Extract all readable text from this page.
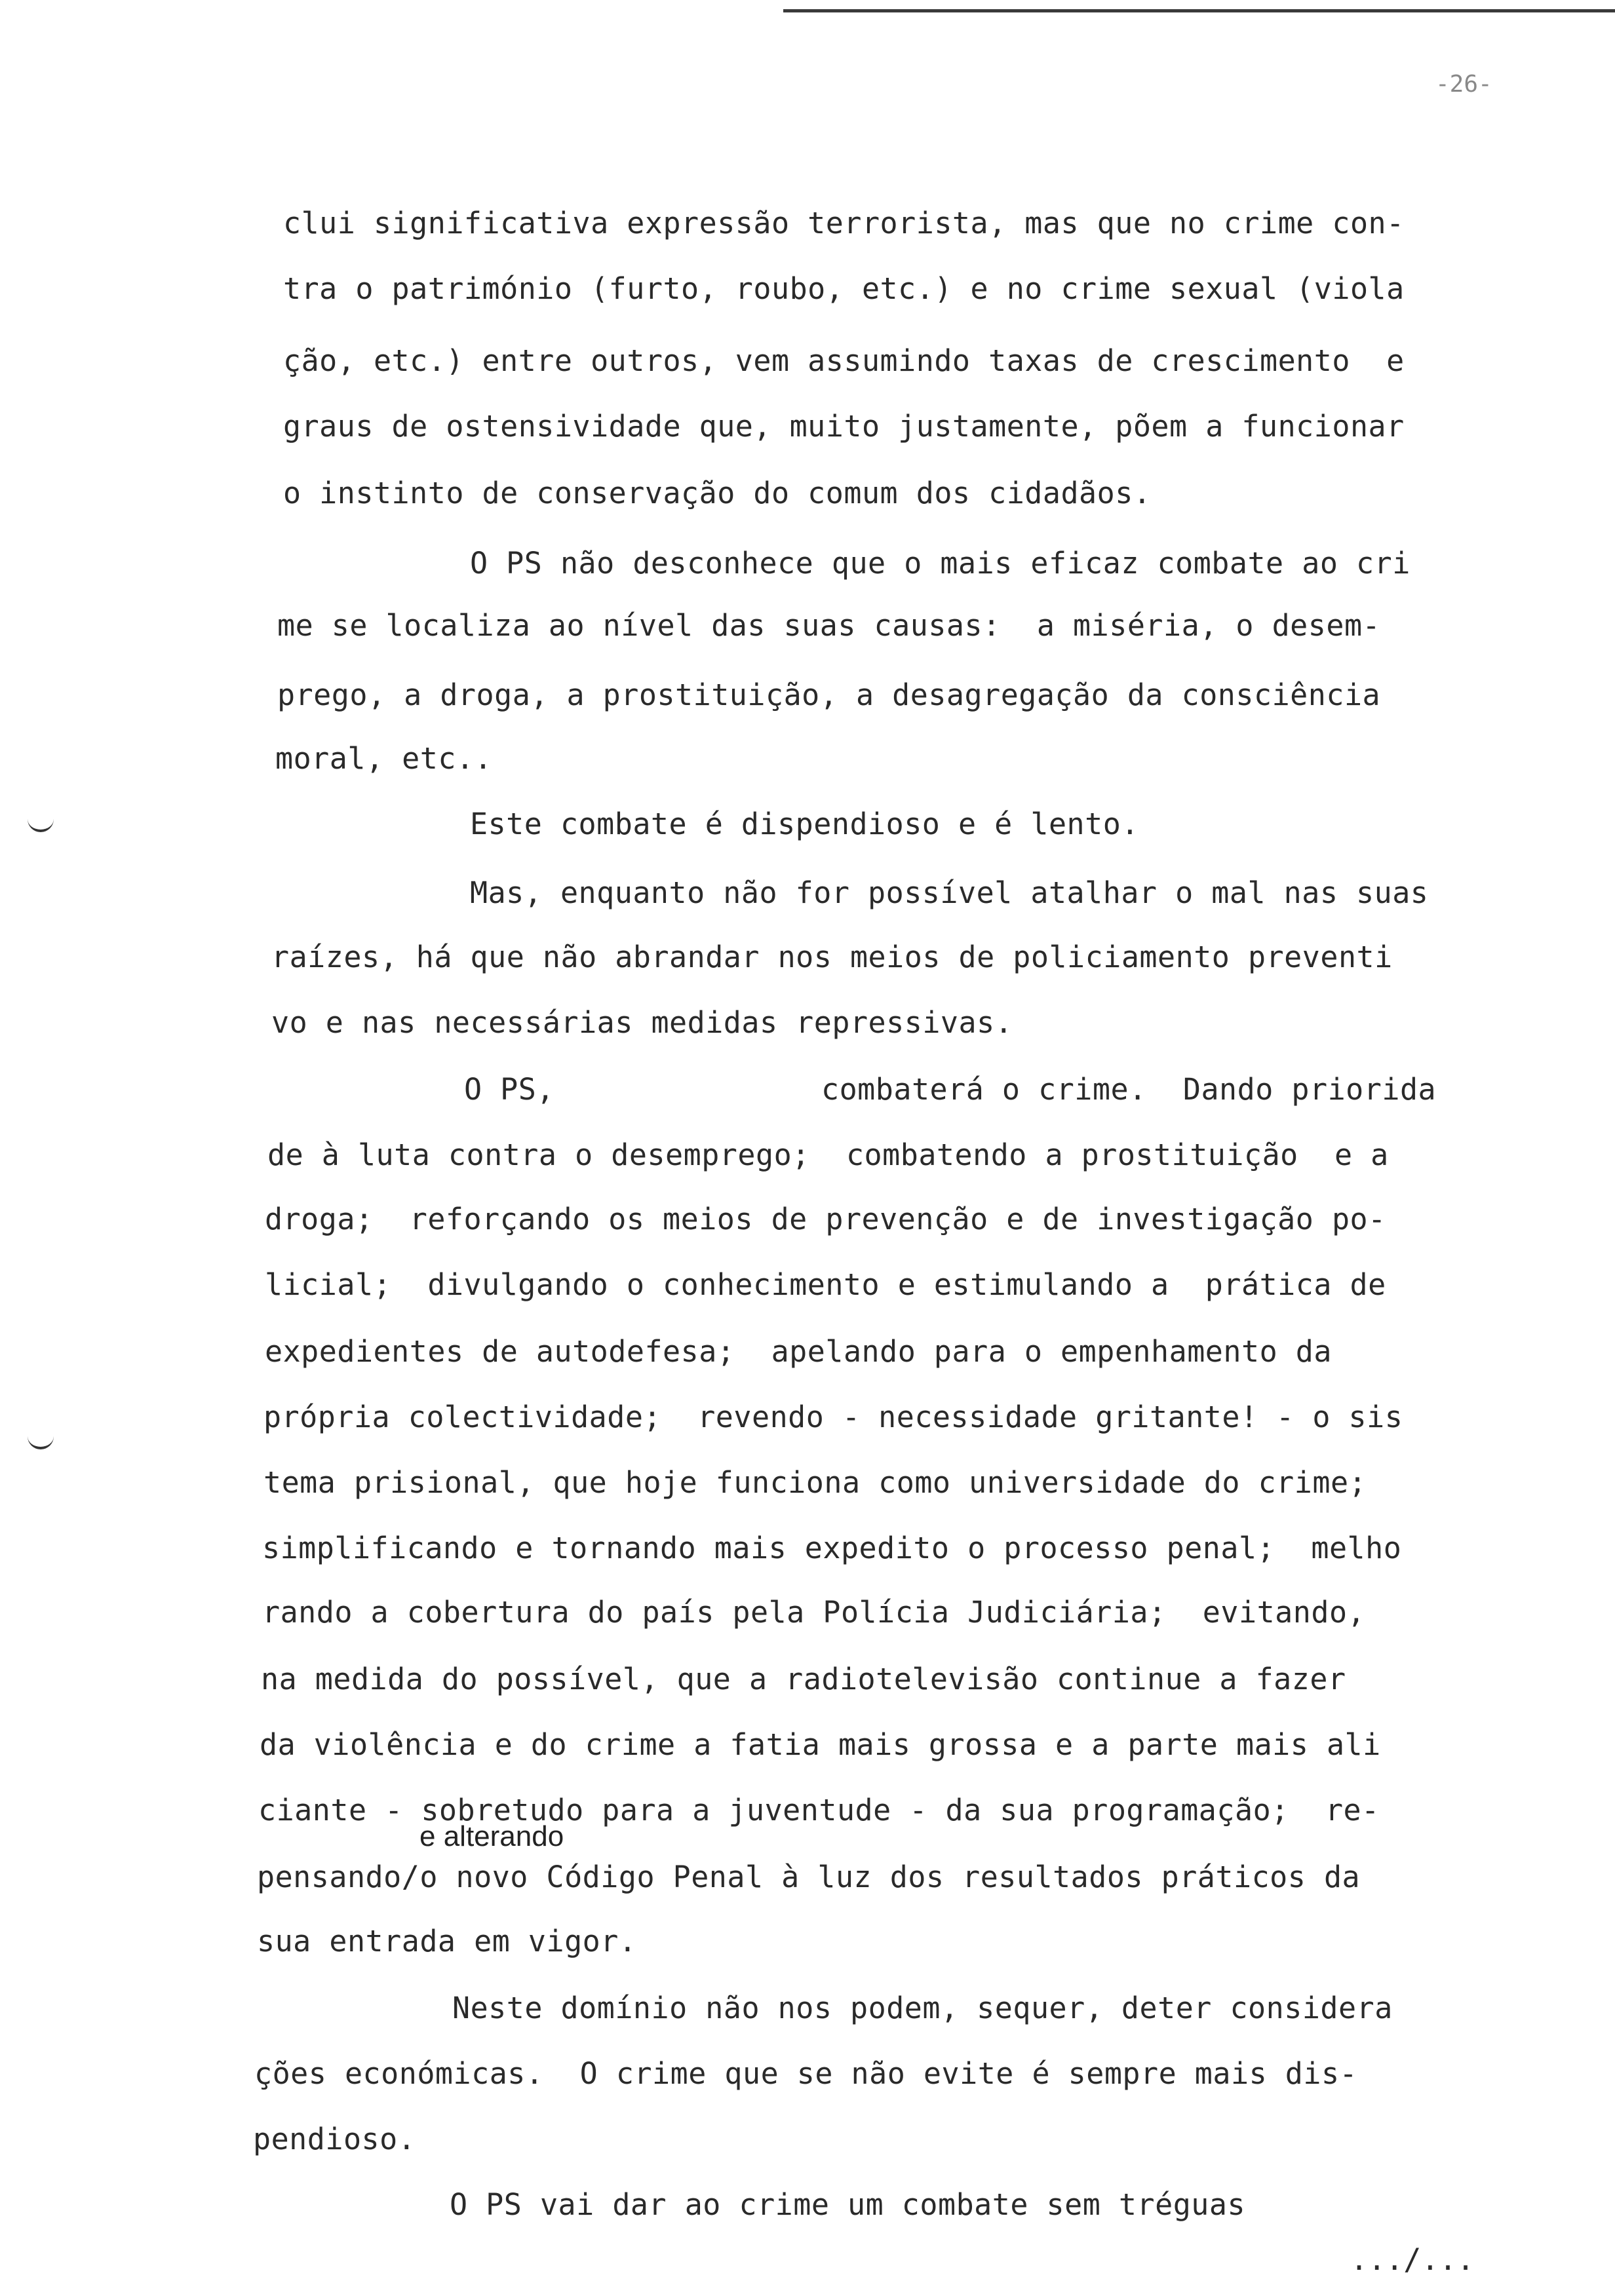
-26-
clui significativa expressão terrorista, mas que no crime con-
tra o património (furto, roubo, etc.) e no crime sexual (viola
ção, etc.) entre outros, vem assumindo taxas de crescimento  e
graus de ostensividade que, muito justamente, põem a funcionar
o instinto de conservação do comum dos cidadãos.
O PS não desconhece que o mais eficaz combate ao cri
me se localiza ao nível das suas causas:  a miséria, o desem-
prego, a droga, a prostituição, a desagregação da consciência
moral, etc..
Este combate é dispendioso e é lento.
Mas, enquanto não for possível atalhar o mal nas suas
raízes, há que não abrandar nos meios de policiamento preventi
vo e nas necessárias medidas repressivas.
O PS,	combaterá o crime.  Dando priorida
de à luta contra o desemprego;  combatendo a prostituição  e a
droga;  reforçando os meios de prevenção e de investigação po-
licial;  divulgando o conhecimento e estimulando a  prática de
expedientes de autodefesa;  apelando para o empenhamento da
própria colectividade;  revendo - necessidade gritante! - o sis
tema prisional, que hoje funciona como universidade do crime;
simplificando e tornando mais expedito o processo penal;  melho
rando a cobertura do país pela Polícia Judiciária;  evitando,
na medida do possível, que a radiotelevisão continue a fazer
da violência e do crime a fatia mais grossa e a parte mais ali
ciante - sobretudo para a juventude - da sua programação;  re-
e alterando
pensando/o novo Código Penal à luz dos resultados práticos da
sua entrada em vigor.
Neste domínio não nos podem, sequer, deter considera
ções económicas.  O crime que se não evite é sempre mais dis-
pendioso.
O PS vai dar ao crime um combate sem tréguas
.../...
